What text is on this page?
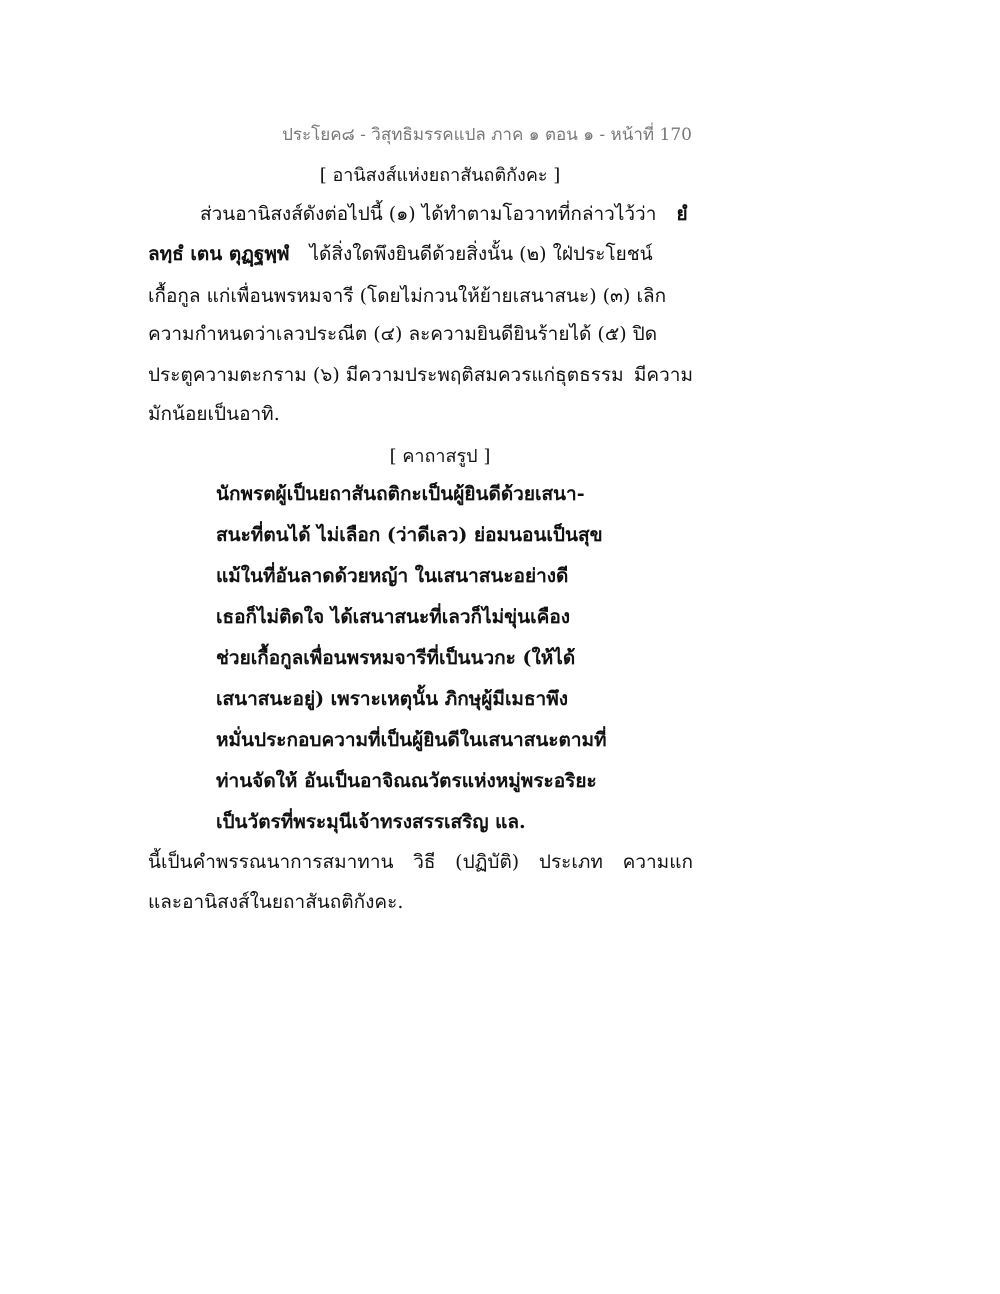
ประโยค๘ - วิสุทธิมรรคแปล ภาค ๑ ตอน ๑ - หน้าที่ 170
[ อานิสงส์แห่งยถาสันถติกังคะ ]
ส่วนอานิสงส์ดังต่อไปนี้ (๑) ได้ทำตามโอวาทที่กล่าวไว้ว่า ยํ
ลทฺธํ เตน ตุฏฺฐพฺพํ ได้สิ่งใดพึงยินดีด้วยสิ่งนั้น (๒) ใฝ่ประโยชน์
เกื้อกูล แก่เพื่อนพรหมจารี (โดยไม่กวนให้ย้ายเสนาสนะ) (๓) เลิก
ความกำหนดว่าเลวประณีต (๔) ละความยินดียินร้ายได้ (๕) ปิด
ประตูความตะกราม (๖) มีความประพฤติสมควรแก่ธุตธรรม มีความ
มักน้อยเป็นอาทิ.
[ คาถาสรูป ]
นักพรตผู้เป็นยถาสันถติกะเป็นผู้ยินดีด้วยเสนา-
สนะที่ตนได้ ไม่เลือก (ว่าดีเลว) ย่อมนอนเป็นสุข
แม้ในที่อันลาดด้วยหญ้า ในเสนาสนะอย่างดี
เธอก็ไม่ติดใจ ได้เสนาสนะที่เลวก็ไม่ขุ่นเคือง
ช่วยเกื้อกูลเพื่อนพรหมจารีที่เป็นนวกะ (ให้ได้
เสนาสนะอยู่) เพราะเหตุนั้น ภิกษุผู้มีเมธาพึง
หมั่นประกอบความที่เป็นผู้ยินดีในเสนาสนะตามที่
ท่านจัดให้ อันเป็นอาจิณณวัตรแห่งหมู่พระอริยะ
เป็นวัตรที่พระมุนีเจ้าทรงสรรเสริญ แล.
นี้เป็นคำพรรณนาการสมาทาน วิธี (ปฏิบัติ) ประเภท ความแก
และอานิสงส์ในยถาสันถติกังคะ.
